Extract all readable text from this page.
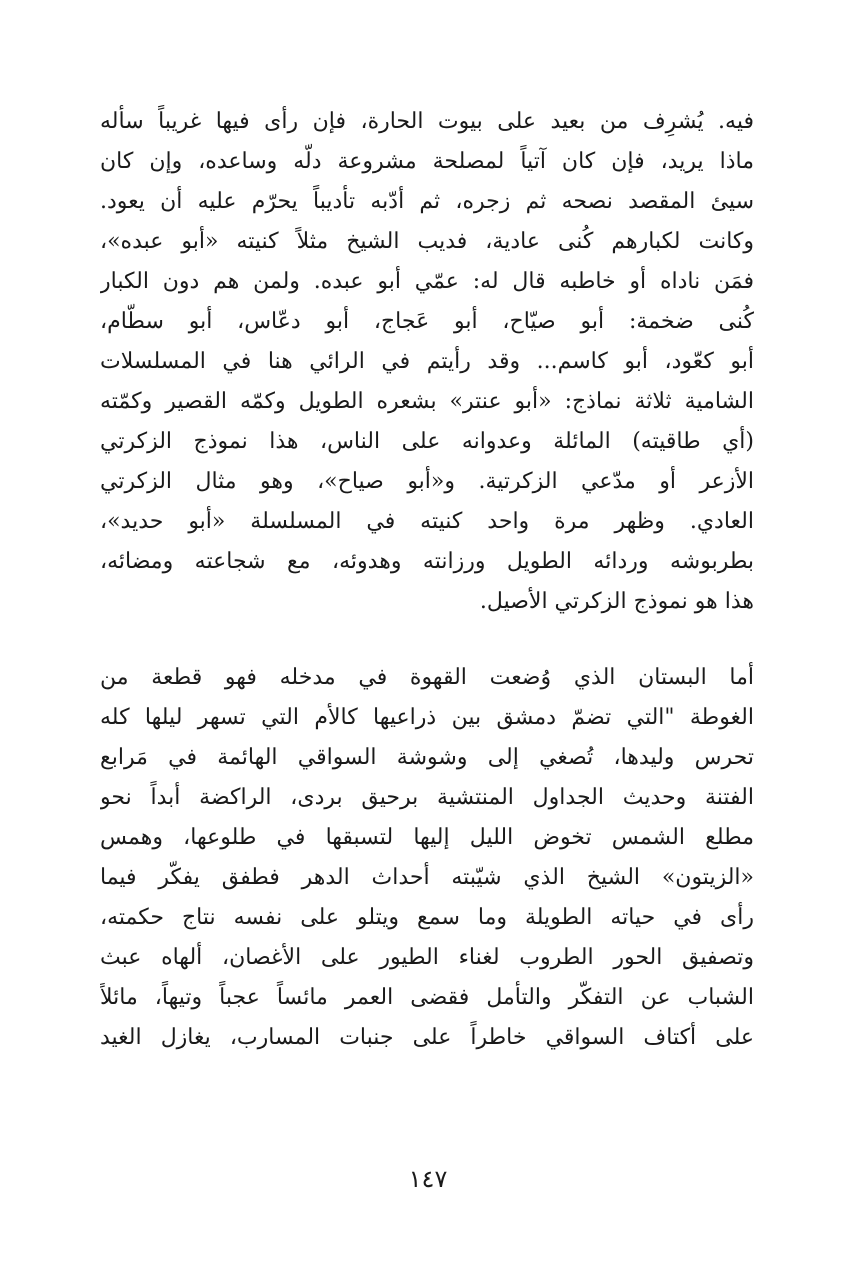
فيه. يُشرِف من بعيد على بيوت الحارة، فإن رأى فيها غريباً سأله
ماذا يريد، فإن كان آتياً لمصلحة مشروعة دلّه وساعده، وإن كان
سيئ المقصد نصحه ثم زجره، ثم أدّبه تأديباً يحرّم عليه أن يعود.
وكانت لكبارهم كُنى عادية، فديب الشيخ مثلاً كنيته «أبو عبده»،
فمَن ناداه أو خاطبه قال له: عمّي أبو عبده. ولمن هم دون الكبار
كُنى ضخمة: أبو صيّاح، أبو عَجاج، أبو دعّاس، أبو سطّام،
أبو كعّود، أبو كاسم... وقد رأيتم في الرائي هنا في المسلسلات
الشامية ثلاثة نماذج: «أبو عنتر» بشعره الطويل وكمّه القصير وكمّته
(أي طاقيته) المائلة وعدوانه على الناس، هذا نموذج الزكرتي
الأزعر أو مدّعي الزكرتية. و«أبو صياح»، وهو مثال الزكرتي
العادي. وظهر مرة واحد كنيته في المسلسلة «أبو حديد»،
بطربوشه وردائه الطويل ورزانته وهدوئه، مع شجاعته ومضائه،
هذا هو نموذج الزكرتي الأصيل.
أما البستان الذي وُضعت القهوة في مدخله فهو قطعة من
الغوطة "التي تضمّ دمشق بين ذراعيها كالأم التي تسهر ليلها كله
تحرس وليدها، تُصغي إلى وشوشة السواقي الهائمة في مَرابع
الفتنة وحديث الجداول المنتشية برحيق بردى، الراكضة أبداً نحو
مطلع الشمس تخوض الليل إليها لتسبقها في طلوعها، وهمس
«الزيتون» الشيخ الذي شيّبته أحداث الدهر فطفق يفكّر فيما
رأى في حياته الطويلة وما سمع ويتلو على نفسه نتاج حكمته،
وتصفيق الحور الطروب لغناء الطيور على الأغصان، ألهاه عبث
الشباب عن التفكّر والتأمل فقضى العمر مائساً عجباً وتيهاً، مائلاً
على أكتاف السواقي خاطراً على جنبات المسارب، يغازل الغيد
١٤٧
